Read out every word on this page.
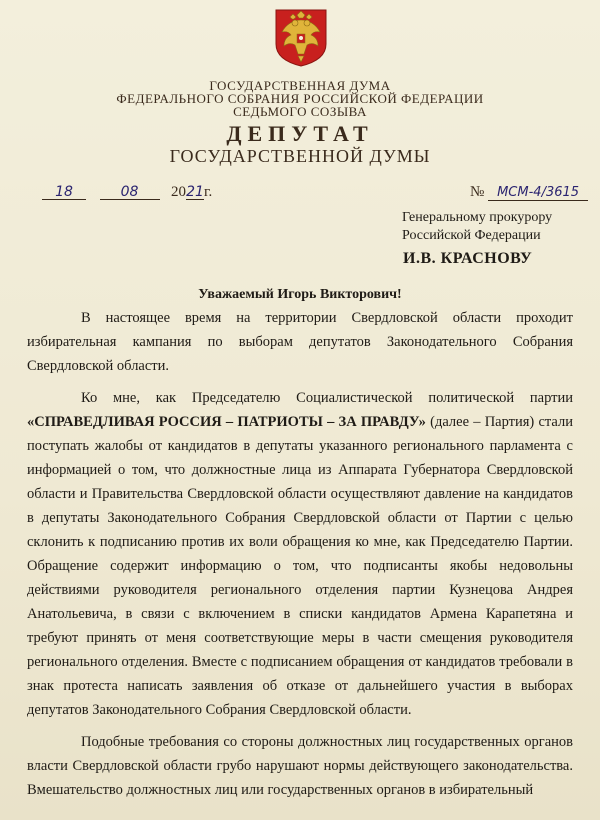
ГОСУДАРСТВЕННАЯ ДУМА
ФЕДЕРАЛЬНОГО СОБРАНИЯ РОССИЙСКОЙ ФЕДЕРАЦИИ
СЕДЬМОГО СОЗЫВА
ДЕПУТАТ
ГОСУДАРСТВЕННОЙ ДУМЫ
18	08 2021г.	№ МСМ-4/3615
Генеральному прокурору
Российской Федерации
И.В. КРАСНОВУ
Уважаемый Игорь Викторович!

В настоящее время на территории Свердловской области проходит избирательная кампания по выборам депутатов Законодательного Собрания Свердловской области.

Ко мне, как Председателю Социалистической политической партии «СПРАВЕДЛИВАЯ РОССИЯ – ПАТРИОТЫ – ЗА ПРАВДУ» (далее – Партия) стали поступать жалобы от кандидатов в депутаты указанного регионального парламента с информацией о том, что должностные лица из Аппарата Губернатора Свердловской области и Правительства Свердловской области осуществляют давление на кандидатов в депутаты Законодательного Собрания Свердловской области от Партии с целью склонить к подписанию против их воли обращения ко мне, как Председателю Партии. Обращение содержит информацию о том, что подписанты якобы недовольны действиями руководителя регионального отделения партии Кузнецова Андрея Анатольевича, в связи с включением в списки кандидатов Армена Карапетяна и требуют принять от меня соответствующие меры в части смещения руководителя регионального отделения. Вместе с подписанием обращения от кандидатов требовали в знак протеста написать заявления об отказе от дальнейшего участия в выборах депутатов Законодательного Собрания Свердловской области.

Подобные требования со стороны должностных лиц государственных органов власти Свердловской области грубо нарушают нормы действующего законодательства. Вмешательство должностных лиц или государственных органов в избирательный
